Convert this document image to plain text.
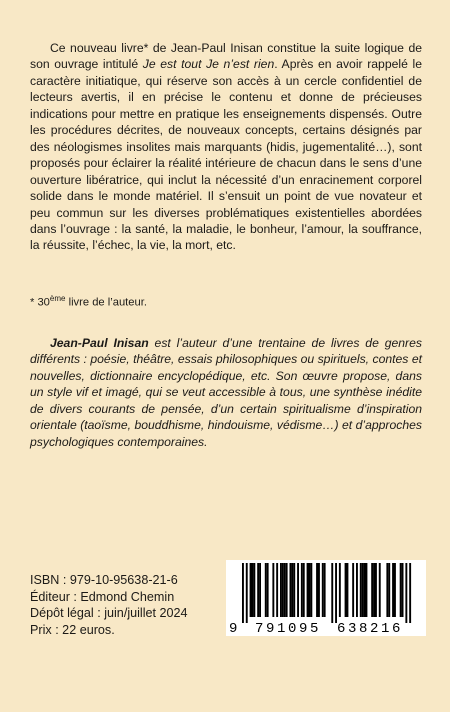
Ce nouveau livre* de Jean-Paul Inisan constitue la suite logique de son ouvrage intitulé Je est tout Je n’est rien. Après en avoir rappelé le caractère initiatique, qui réserve son accès à un cercle confidentiel de lecteurs avertis, il en précise le contenu et donne de précieuses indications pour mettre en pratique les enseignements dispensés. Outre les procédures décrites, de nouveaux concepts, certains désignés par des néologismes insolites mais marquants (hidis, jugementalité…), sont proposés pour éclairer la réalité intérieure de chacun dans le sens d’une ouverture libératrice, qui inclut la nécessité d’un enracinement corporel solide dans le monde matériel. Il s’ensuit un point de vue novateur et peu commun sur les diverses problématiques existentielles abordées dans l’ouvrage : la santé, la maladie, le bonheur, l’amour, la souffrance, la réussite, l’échec, la vie, la mort, etc.

* 30ème livre de l’auteur.

Jean-Paul Inisan est l’auteur d’une trentaine de livres de genres différents : poésie, théâtre, essais philosophiques ou spirituels, contes et nouvelles, dictionnaire encyclopédique, etc. Son œuvre propose, dans un style vif et imagé, qui se veut accessible à tous, une synthèse inédite de divers courants de pensée, d’un certain spiritualisme d’inspiration orientale (taoïsme, bouddhisme, hindouisme, védisme…) et d’approches psychologiques contemporaines.

ISBN : 979-10-95638-21-6
Éditeur : Edmond Chemin
Dépôt légal : juin/juillet 2024
Prix : 22 euros.	9 791095 638216
